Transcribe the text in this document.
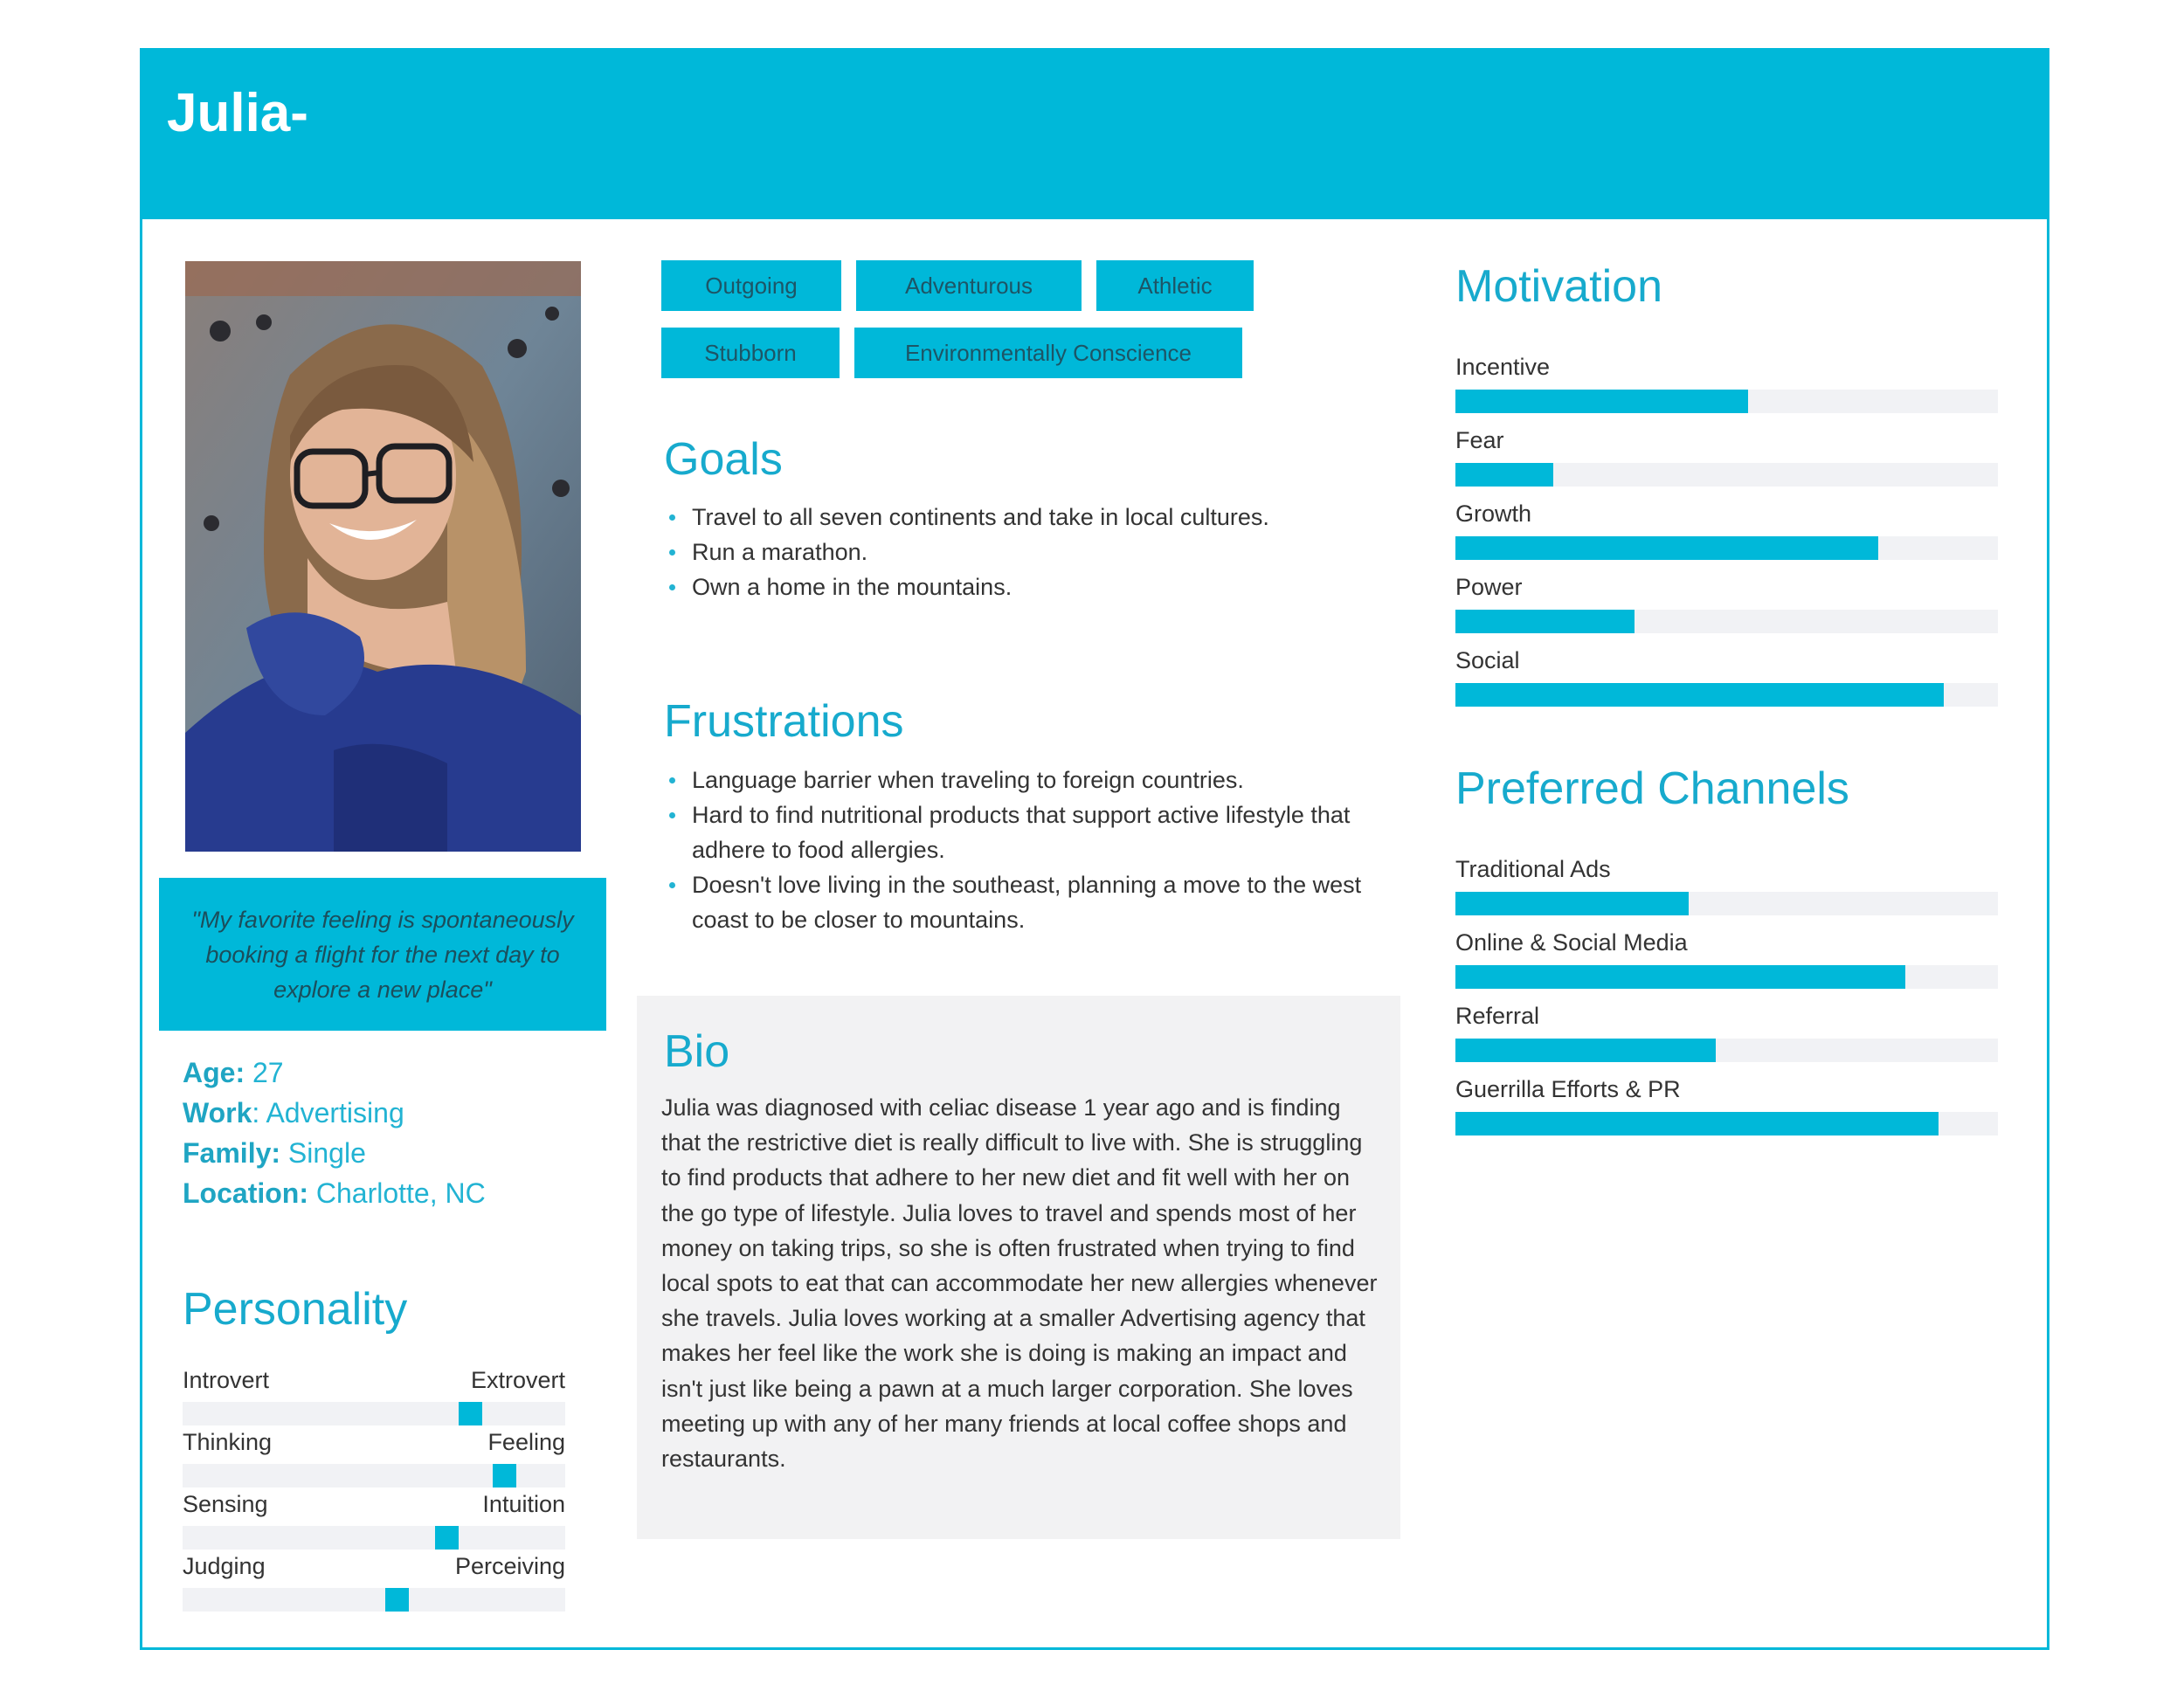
Julia-
"My favorite feeling is spontaneously booking a flight for the next day to explore a new place"
Age: 27
Work: Advertising
Family: Single
Location: Charlotte, NC
Personality
Introvert	Extrovert
Thinking	Feeling
Sensing	Intuition
Judging	Perceiving
Outgoing	Adventurous	Athletic
Stubborn	Environmentally Conscience
Goals
Travel to all seven continents and take in local cultures.
Run a marathon.
Own a home in the mountains.
Frustrations
Language barrier when traveling to foreign countries.
Hard to find nutritional products that support active lifestyle that adhere to food allergies.
Doesn't love living in the southeast, planning a move to the west coast to be closer to mountains.
Bio

Julia was diagnosed with celiac disease 1 year ago and is finding that the restrictive diet is really difficult to live with. She is struggling to find products that adhere to her new diet and fit well with her on the go type of lifestyle. Julia loves to travel and spends most of her money on taking trips, so she is often frustrated when trying to find local spots to eat that can accommodate her new allergies whenever she travels. Julia loves working at a smaller Advertising agency that makes her feel like the work she is doing is making an impact and isn't just like being a pawn at a much larger corporation. She loves meeting up with any of her many friends at local coffee shops and restaurants.

Motivation
Incentive
Fear
Growth
Power
Social
Preferred Channels
Traditional Ads
Online & Social Media
Referral
Guerrilla Efforts & PR
